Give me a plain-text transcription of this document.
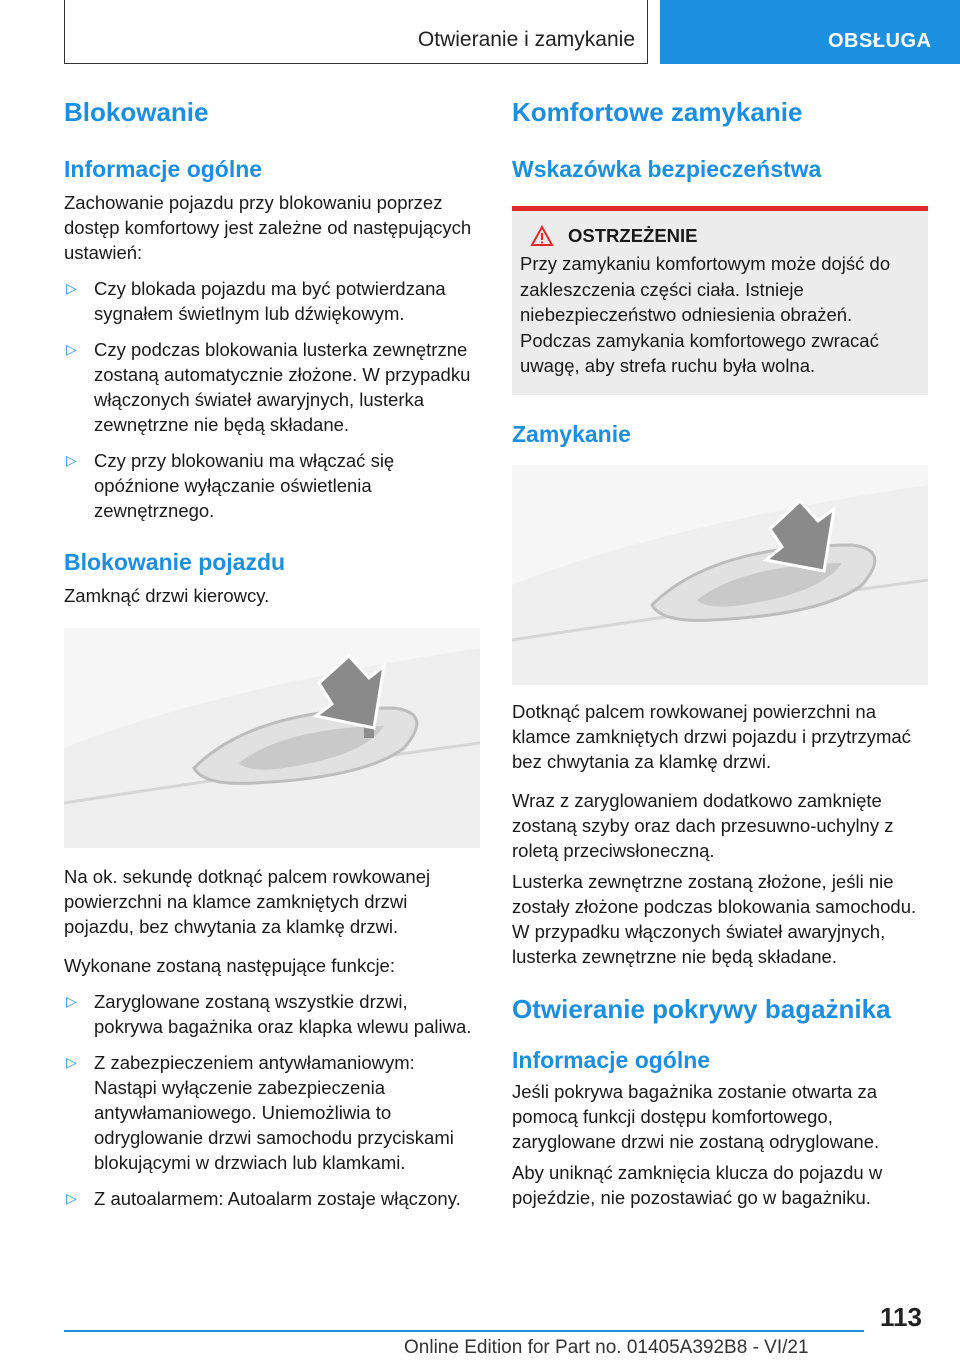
Otwieranie i zamykanie	OBSŁUGA
Blokowanie
Informacje ogólne

Zachowanie pojazdu przy blokowaniu poprzez dostęp komfortowy jest zależne od następujących ustawień:

▷ Czy blokada pojazdu ma być potwierdzana sygnałem świetlnym lub dźwiękowym.
▷ Czy podczas blokowania lusterka zewnętrzne zostaną automatycznie złożone. W przypadku włączonych świateł awaryjnych, lusterka zewnętrzne nie będą składane.
▷ Czy przy blokowaniu ma włączać się opóźnione wyłączanie oświetlenia zewnętrznego.
Blokowanie pojazdu

Zamknąć drzwi kierowcy.

Na ok. sekundę dotknąć palcem rowkowanej powierzchni na klamce zamkniętych drzwi pojazdu, bez chwytania za klamkę drzwi.

Wykonane zostaną następujące funkcje:

▷ Zaryglowane zostaną wszystkie drzwi, pokrywa bagażnika oraz klapka wlewu paliwa.
▷ Z zabezpieczeniem antywłamaniowym: Nastąpi wyłączenie zabezpieczenia antywłamaniowego. Uniemożliwia to odryglowanie drzwi samochodu przyciskami blokującymi w drzwiach lub klamkami.
▷ Z autoalarmem: Autoalarm zostaje włączony.
Komfortowe zamykanie
Wskazówka bezpieczeństwa
OSTRZEŻENIE

Przy zamykaniu komfortowym może dojść do zakleszczenia części ciała. Istnieje niebezpieczeństwo odniesienia obrażeń. Podczas zamykania komfortowego zwracać uwagę, aby strefa ruchu była wolna.

Zamykanie

Dotknąć palcem rowkowanej powierzchni na klamce zamkniętych drzwi pojazdu i przytrzymać bez chwytania za klamkę drzwi.

Wraz z zaryglowaniem dodatkowo zamknięte zostaną szyby oraz dach przesuwno-uchylny z roletą przeciwsłoneczną.

Lusterka zewnętrzne zostaną złożone, jeśli nie zostały złożone podczas blokowania samochodu. W przypadku włączonych świateł awaryjnych, lusterka zewnętrzne nie będą składane.

Otwieranie pokrywy bagażnika
Informacje ogólne

Jeśli pokrywa bagażnika zostanie otwarta za pomocą funkcji dostępu komfortowego, zaryglowane drzwi nie zostaną odryglowane.

Aby uniknąć zamknięcia klucza do pojazdu w pojeździe, nie pozostawiać go w bagażniku.

113
Online Edition for Part no. 01405A392B8 - VI/21
